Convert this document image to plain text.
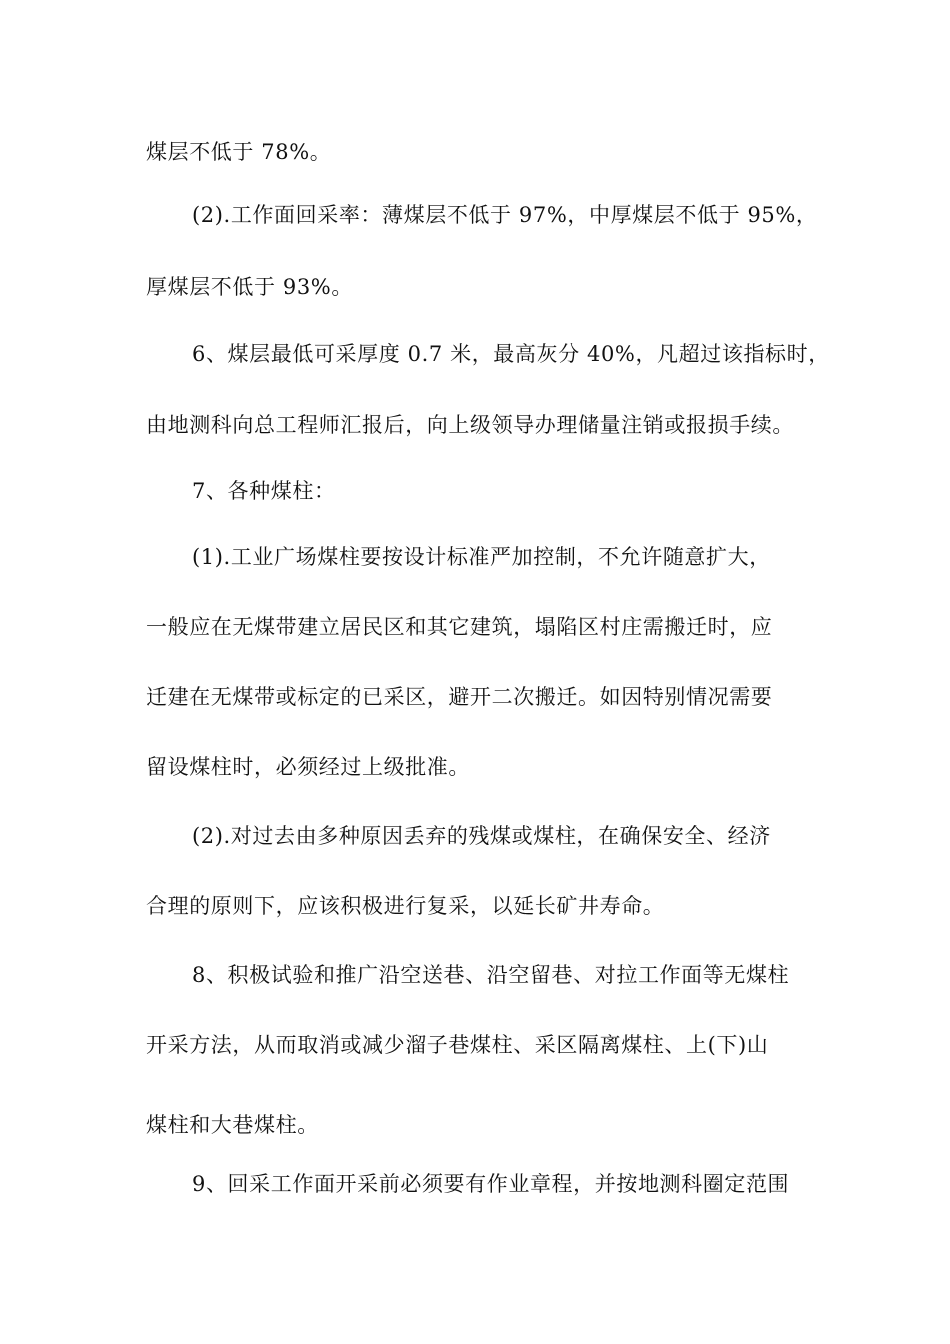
煤层不低于 78%。
(2).工作面回采率：薄煤层不低于 97%，中厚煤层不低于 95%，
厚煤层不低于 93%。
6、煤层最低可采厚度 0.7 米，最高灰分 40%，凡超过该指标时，
由地测科向总工程师汇报后，向上级领导办理储量注销或报损手续。
7、各种煤柱：
(1).工业广场煤柱要按设计标准严加控制，不允许随意扩大，
一般应在无煤带建立居民区和其它建筑，塌陷区村庄需搬迁时，应
迁建在无煤带或标定的已采区，避开二次搬迁。如因特别情况需要
留设煤柱时，必须经过上级批准。
(2).对过去由多种原因丢弃的残煤或煤柱，在确保安全、经济
合理的原则下，应该积极进行复采，以延长矿井寿命。
8、积极试验和推广沿空送巷、沿空留巷、对拉工作面等无煤柱
开采方法，从而取消或减少溜子巷煤柱、采区隔离煤柱、上(下)山
煤柱和大巷煤柱。
9、回采工作面开采前必须要有作业章程，并按地测科圈定范围
